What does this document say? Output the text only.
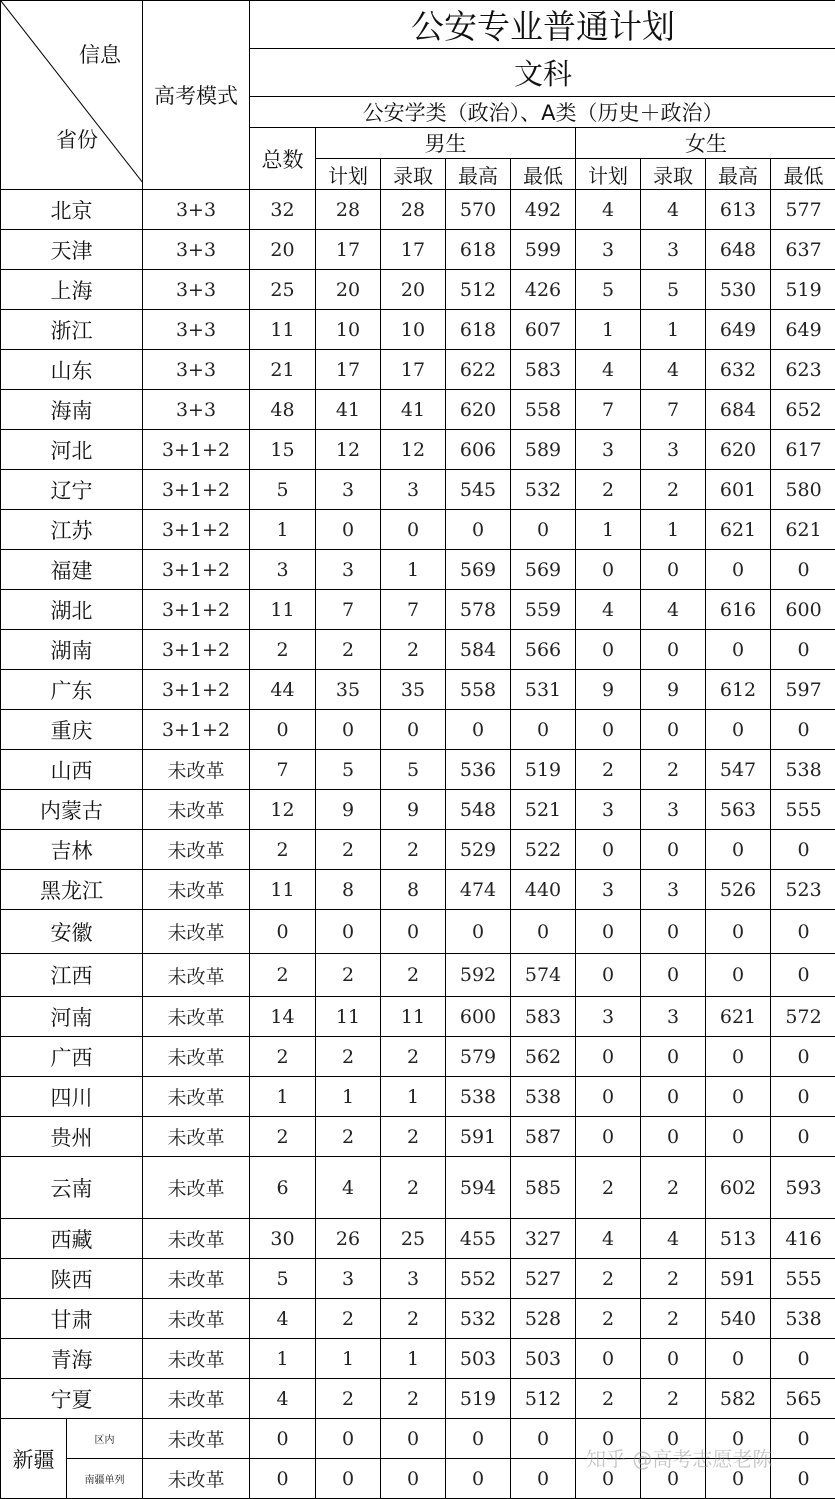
信息
省份		高考模式	公安专业普通计划								
			文科								
			公安学类（政治）、A类（历史＋政治）								
			总数	男生				女生			
				计划	录取	最高	最低	计划	录取	最高	最低
北京		3+3	32	28	28	570	492	4	4	613	577
天津		3+3	20	17	17	618	599	3	3	648	637
上海		3+3	25	20	20	512	426	5	5	530	519
浙江		3+3	11	10	10	618	607	1	1	649	649
山东		3+3	21	17	17	622	583	4	4	632	623
海南		3+3	48	41	41	620	558	7	7	684	652
河北		3+1+2	15	12	12	606	589	3	3	620	617
辽宁		3+1+2	5	3	3	545	532	2	2	601	580
江苏		3+1+2	1	0	0	0	0	1	1	621	621
福建		3+1+2	3	3	1	569	569	0	0	0	0
湖北		3+1+2	11	7	7	578	559	4	4	616	600
湖南		3+1+2	2	2	2	584	566	0	0	0	0
广东		3+1+2	44	35	35	558	531	9	9	612	597
重庆		3+1+2	0	0	0	0	0	0	0	0	0
山西		未改革	7	5	5	536	519	2	2	547	538
内蒙古		未改革	12	9	9	548	521	3	3	563	555
吉林		未改革	2	2	2	529	522	0	0	0	0
黑龙江		未改革	11	8	8	474	440	3	3	526	523
安徽		未改革	0	0	0	0	0	0	0	0	0
江西		未改革	2	2	2	592	574	0	0	0	0
河南		未改革	14	11	11	600	583	3	3	621	572
广西		未改革	2	2	2	579	562	0	0	0	0
四川		未改革	1	1	1	538	538	0	0	0	0
贵州		未改革	2	2	2	591	587	0	0	0	0
云南		未改革	6	4	2	594	585	2	2	602	593
西藏		未改革	30	26	25	455	327	4	4	513	416
陕西		未改革	5	3	3	552	527	2	2	591	555
甘肃		未改革	4	2	2	532	528	2	2	540	538
青海		未改革	1	1	1	503	503	0	0	0	0
宁夏		未改革	4	2	2	519	512	2	2	582	565
新疆	区内	未改革	0	0	0	0	0	0	0	0	0
	南疆单列	未改革	0	0	0	0	0	0	0	0	0
知乎 @高考志愿老陈
